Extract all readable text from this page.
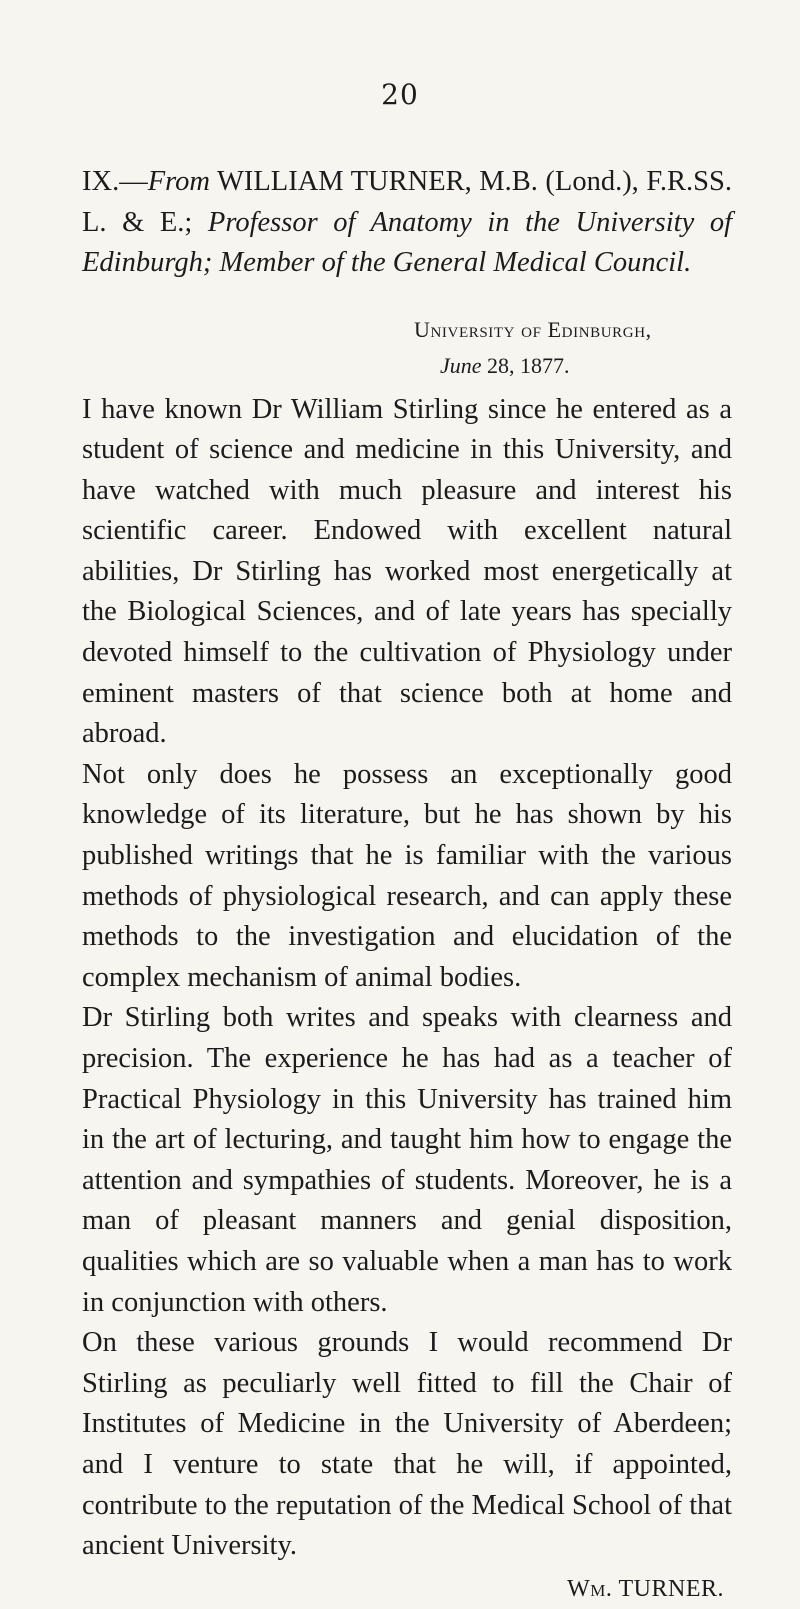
20

IX.—From WILLIAM TURNER, M.B. (Lond.), F.R.SS. L. & E.; Professor of Anatomy in the University of Edinburgh; Member of the General Medical Council.

University of Edinburgh,
June 28, 1877.

I have known Dr William Stirling since he entered as a student of science and medicine in this University, and have watched with much pleasure and interest his scientific career. Endowed with excellent natural abilities, Dr Stirling has worked most energetically at the Biological Sciences, and of late years has specially devoted himself to the cultivation of Physiology under eminent masters of that science both at home and abroad.

Not only does he possess an exceptionally good knowledge of its literature, but he has shown by his published writings that he is familiar with the various methods of physiological research, and can apply these methods to the investigation and elucidation of the complex mechanism of animal bodies.

Dr Stirling both writes and speaks with clearness and precision. The experience he has had as a teacher of Practical Physiology in this University has trained him in the art of lecturing, and taught him how to engage the attention and sympathies of students. Moreover, he is a man of pleasant manners and genial disposition, qualities which are so valuable when a man has to work in conjunction with others.

On these various grounds I would recommend Dr Stirling as peculiarly well fitted to fill the Chair of Institutes of Medicine in the University of Aberdeen; and I venture to state that he will, if appointed, contribute to the reputation of the Medical School of that ancient University.

Wm. TURNER.
